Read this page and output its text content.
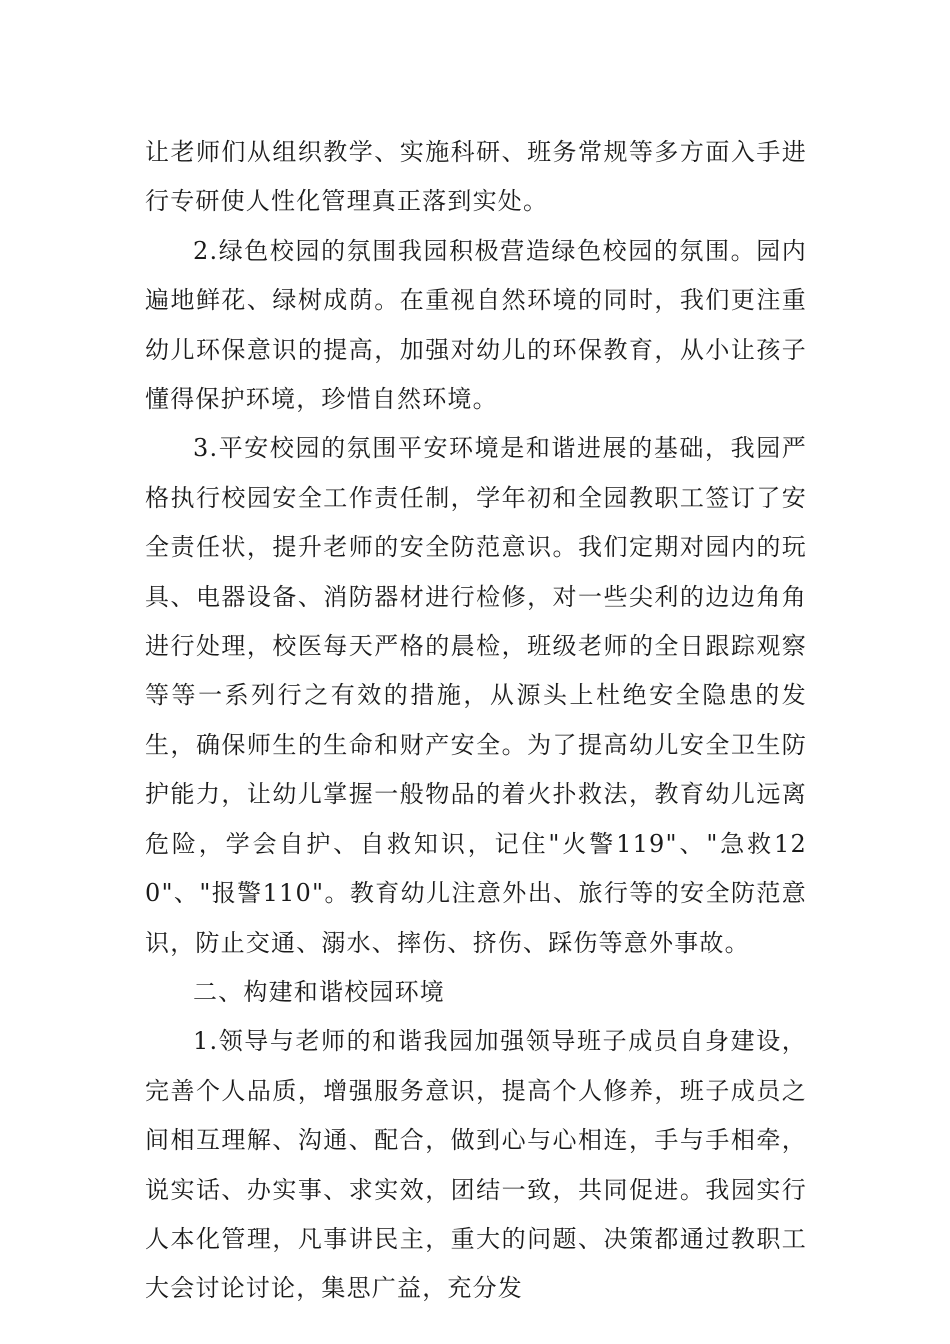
让老师们从组织教学、实施科研、班务常规等多方面入手进行专研使人性化管理真正落到实处。

2.绿色校园的氛围我园积极营造绿色校园的氛围。园内遍地鲜花、绿树成荫。在重视自然环境的同时，我们更注重幼儿环保意识的提高，加强对幼儿的环保教育，从小让孩子懂得保护环境，珍惜自然环境。

3.平安校园的氛围平安环境是和谐进展的基础，我园严格执行校园安全工作责任制，学年初和全园教职工签订了安全责任状，提升老师的安全防范意识。我们定期对园内的玩具、电器设备、消防器材进行检修，对一些尖利的边边角角进行处理，校医每天严格的晨检，班级老师的全日跟踪观察等等一系列行之有效的措施，从源头上杜绝安全隐患的发生，确保师生的生命和财产安全。为了提高幼儿安全卫生防护能力，让幼儿掌握一般物品的着火扑救法，教育幼儿远离危险，学会自护、自救知识，记住"火警119"、"急救120"、"报警110"。教育幼儿注意外出、旅行等的安全防范意识，防止交通、溺水、摔伤、挤伤、踩伤等意外事故。

二、构建和谐校园环境

1.领导与老师的和谐我园加强领导班子成员自身建设，完善个人品质，增强服务意识，提高个人修养，班子成员之间相互理解、沟通、配合，做到心与心相连，手与手相牵，说实话、办实事、求实效，团结一致，共同促进。我园实行人本化管理，凡事讲民主，重大的问题、决策都通过教职工大会讨论讨论，集思广益，充分发
